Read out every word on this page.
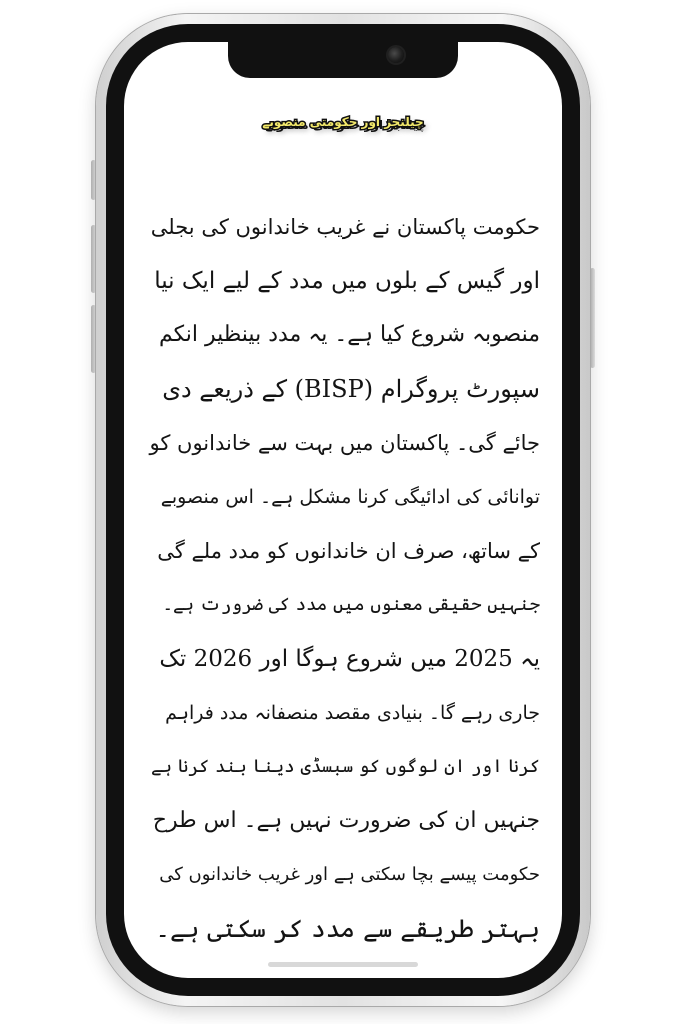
چیلنجز اور حکومتی منصوبے
حکومت پاکستان نے غریب خاندانوں کی بجلی
اور گیس کے بلوں میں مدد کے لیے ایک نیا
منصوبہ شروع کیا ہے۔ یہ مدد بینظیر انکم
سپورٹ پروگرام (BISP) کے ذریعے دی
جائے گی۔ پاکستان میں بہت سے خاندانوں کو
توانائی کی ادائیگی کرنا مشکل ہے۔ اس منصوبے
کے ساتھ، صرف ان خاندانوں کو مدد ملے گی
جنہیں حقیقی معنوں میں مدد کی ضرورت ہے۔
یہ 2025 میں شروع ہوگا اور 2026 تک
جاری رہے گا۔ بنیادی مقصد منصفانہ مدد فراہم
کرنا اور ان لوگوں کو سبسڈی دینا بند کرنا ہے
جنہیں ان کی ضرورت نہیں ہے۔ اس طرح
حکومت پیسے بچا سکتی ہے اور غریب خاندانوں کی
بہتر طریقے سے مدد کر سکتی ہے۔
